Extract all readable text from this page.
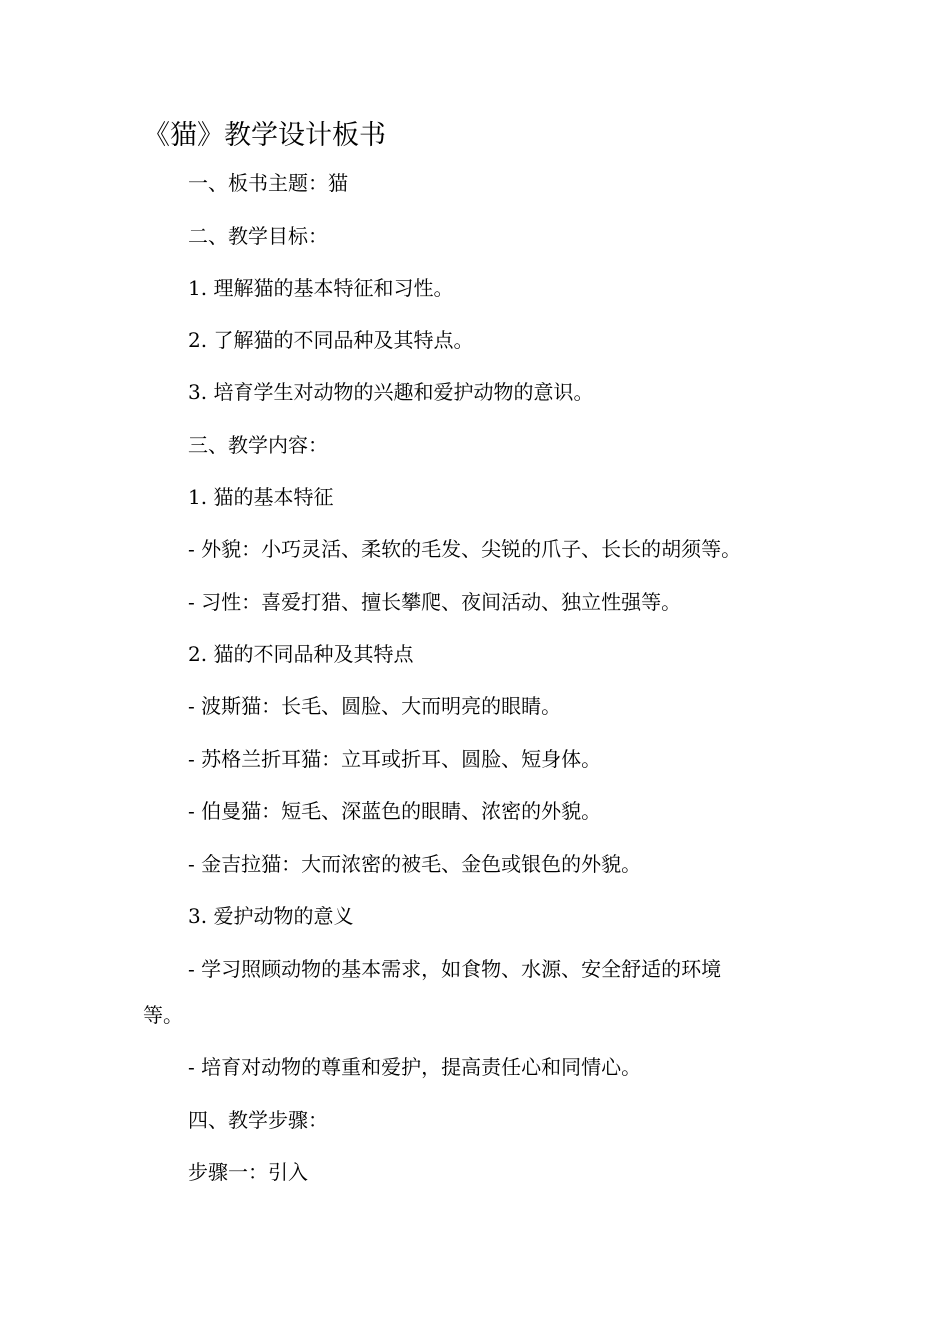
《猫》教学设计板书

一、板书主题：猫

二、教学目标：

1. 理解猫的基本特征和习性。

2. 了解猫的不同品种及其特点。

3. 培育学生对动物的兴趣和爱护动物的意识。

三、教学内容：

1. 猫的基本特征

- 外貌：小巧灵活、柔软的毛发、尖锐的爪子、长长的胡须等。

- 习性：喜爱打猎、擅长攀爬、夜间活动、独立性强等。

2. 猫的不同品种及其特点

- 波斯猫：长毛、圆脸、大而明亮的眼睛。

- 苏格兰折耳猫：立耳或折耳、圆脸、短身体。

- 伯曼猫：短毛、深蓝色的眼睛、浓密的外貌。

- 金吉拉猫：大而浓密的被毛、金色或银色的外貌。

3. 爱护动物的意义

- 学习照顾动物的基本需求，如食物、水源、安全舒适的环境

等。

- 培育对动物的尊重和爱护，提高责任心和同情心。

四、教学步骤：

步骤一：引入
